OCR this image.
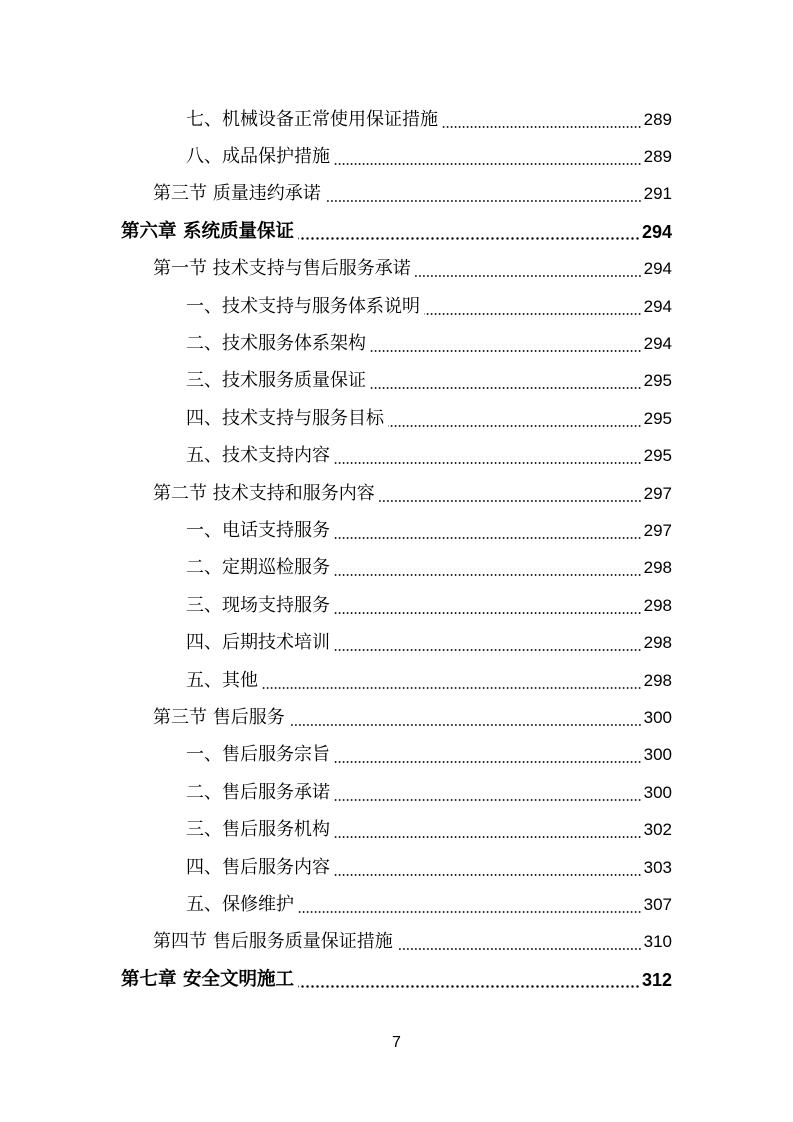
七、机械设备正常使用保证措施	289
八、成品保护措施	289
第三节 质量违约承诺	291
第六章 系统质量保证	294
第一节 技术支持与售后服务承诺	294
一、技术支持与服务体系说明	294
二、技术服务体系架构	294
三、技术服务质量保证	295
四、技术支持与服务目标	295
五、技术支持内容	295
第二节 技术支持和服务内容	297
一、电话支持服务	297
二、定期巡检服务	298
三、现场支持服务	298
四、后期技术培训	298
五、其他	298
第三节 售后服务	300
一、售后服务宗旨	300
二、售后服务承诺	300
三、售后服务机构	302
四、售后服务内容	303
五、保修维护	307
第四节 售后服务质量保证措施	310
第七章 安全文明施工	312
7
